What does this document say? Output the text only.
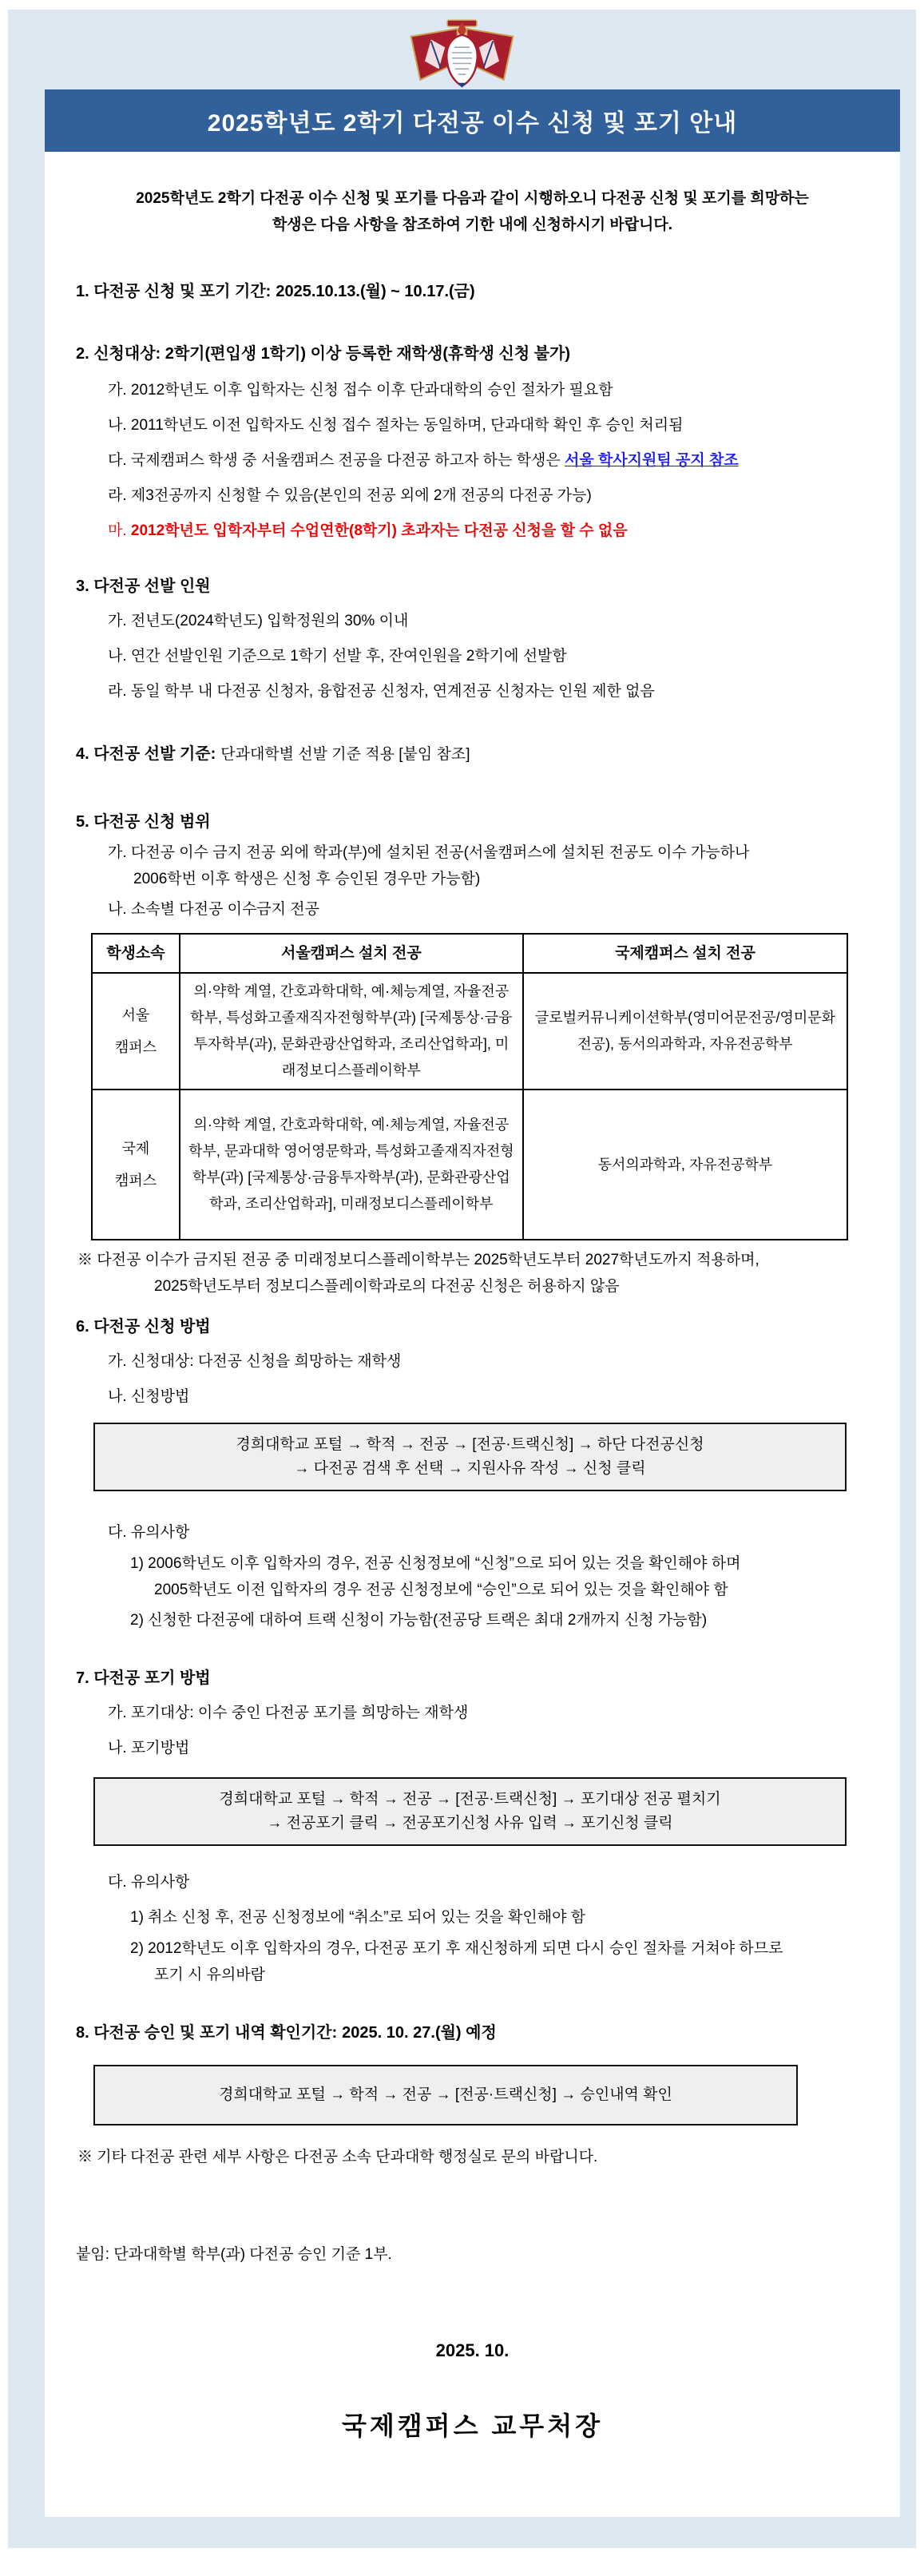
2025학년도 2학기 다전공 이수 신청 및 포기 안내
2025학년도 2학기 다전공 이수 신청 및 포기를 다음과 같이 시행하오니 다전공 신청 및 포기를 희망하는
학생은 다음 사항을 참조하여 기한 내에 신청하시기 바랍니다.
1. 다전공 신청 및 포기 기간: 2025.10.13.(월) ~ 10.17.(금)
2. 신청대상: 2학기(편입생 1학기) 이상 등록한 재학생(휴학생 신청 불가)
가. 2012학년도 이후 입학자는 신청 접수 이후 단과대학의 승인 절차가 필요함
나. 2011학년도 이전 입학자도 신청 접수 절차는 동일하며, 단과대학 확인 후 승인 처리됨
다. 국제캠퍼스 학생 중 서울캠퍼스 전공을 다전공 하고자 하는 학생은 서울 학사지원팀 공지 참조
라. 제3전공까지 신청할 수 있음(본인의 전공 외에 2개 전공의 다전공 가능)
마. 2012학년도 입학자부터 수업연한(8학기) 초과자는 다전공 신청을 할 수 없음
3. 다전공 선발 인원
가. 전년도(2024학년도) 입학정원의 30% 이내
나. 연간 선발인원 기준으로 1학기 선발 후, 잔여인원을 2학기에 선발함
라. 동일 학부 내 다전공 신청자, 융합전공 신청자, 연계전공 신청자는 인원 제한 없음
4. 다전공 선발 기준: 단과대학별 선발 기준 적용 [붙임 참조]
5. 다전공 신청 범위
가. 다전공 이수 금지 전공 외에 학과(부)에 설치된 전공(서울캠퍼스에 설치된 전공도 이수 가능하나
2006학번 이후 학생은 신청 후 승인된 경우만 가능함)
나. 소속별 다전공 이수금지 전공
학생소속	서울캠퍼스 설치 전공	국제캠퍼스 설치 전공

서울
캠퍼스	의·약학 계열, 간호과학대학, 예·체능계열, 자율전공학부, 특성화고졸재직자전형학부(과) [국제통상·금융투자학부(과), 문화관광산업학과, 조리산업학과], 미래정보디스플레이학부	글로벌커뮤니케이션학부(영미어문전공/영미문화전공), 동서의과학과, 자유전공학부

국제
캠퍼스	의·약학 계열, 간호과학대학, 예·체능계열, 자율전공학부, 문과대학 영어영문학과, 특성화고졸재직자전형학부(과) [국제통상·금융투자학부(과), 문화관광산업학과, 조리산업학과], 미래정보디스플레이학부	동서의과학과, 자유전공학부
※ 다전공 이수가 금지된 전공 중 미래정보디스플레이학부는 2025학년도부터 2027학년도까지 적용하며,
2025학년도부터 정보디스플레이학과로의 다전공 신청은 허용하지 않음
6. 다전공 신청 방법
가. 신청대상: 다전공 신청을 희망하는 재학생
나. 신청방법
경희대학교 포털 → 학적 → 전공 → [전공·트랙신청] → 하단 다전공신청
→ 다전공 검색 후 선택 → 지원사유 작성 → 신청 클릭
다. 유의사항
1) 2006학년도 이후 입학자의 경우, 전공 신청정보에 “신청”으로 되어 있는 것을 확인해야 하며
2005학년도 이전 입학자의 경우 전공 신청정보에 “승인”으로 되어 있는 것을 확인해야 함
2) 신청한 다전공에 대하여 트랙 신청이 가능함(전공당 트랙은 최대 2개까지 신청 가능함)
7. 다전공 포기 방법
가. 포기대상: 이수 중인 다전공 포기를 희망하는 재학생
나. 포기방법
경희대학교 포털 → 학적 → 전공 → [전공·트랙신청] → 포기대상 전공 펼치기
→ 전공포기 클릭 → 전공포기신청 사유 입력 → 포기신청 클릭
다. 유의사항
1) 취소 신청 후, 전공 신청정보에 “취소”로 되어 있는 것을 확인해야 함
2) 2012학년도 이후 입학자의 경우, 다전공 포기 후 재신청하게 되면 다시 승인 절차를 거쳐야 하므로
포기 시 유의바람
8. 다전공 승인 및 포기 내역 확인기간: 2025. 10. 27.(월) 예정
경희대학교 포털 → 학적 → 전공 → [전공·트랙신청] → 승인내역 확인
※ 기타 다전공 관련 세부 사항은 다전공 소속 단과대학 행정실로 문의 바랍니다.
붙임: 단과대학별 학부(과) 다전공 승인 기준 1부.
2025. 10.
국제캠퍼스 교무처장
